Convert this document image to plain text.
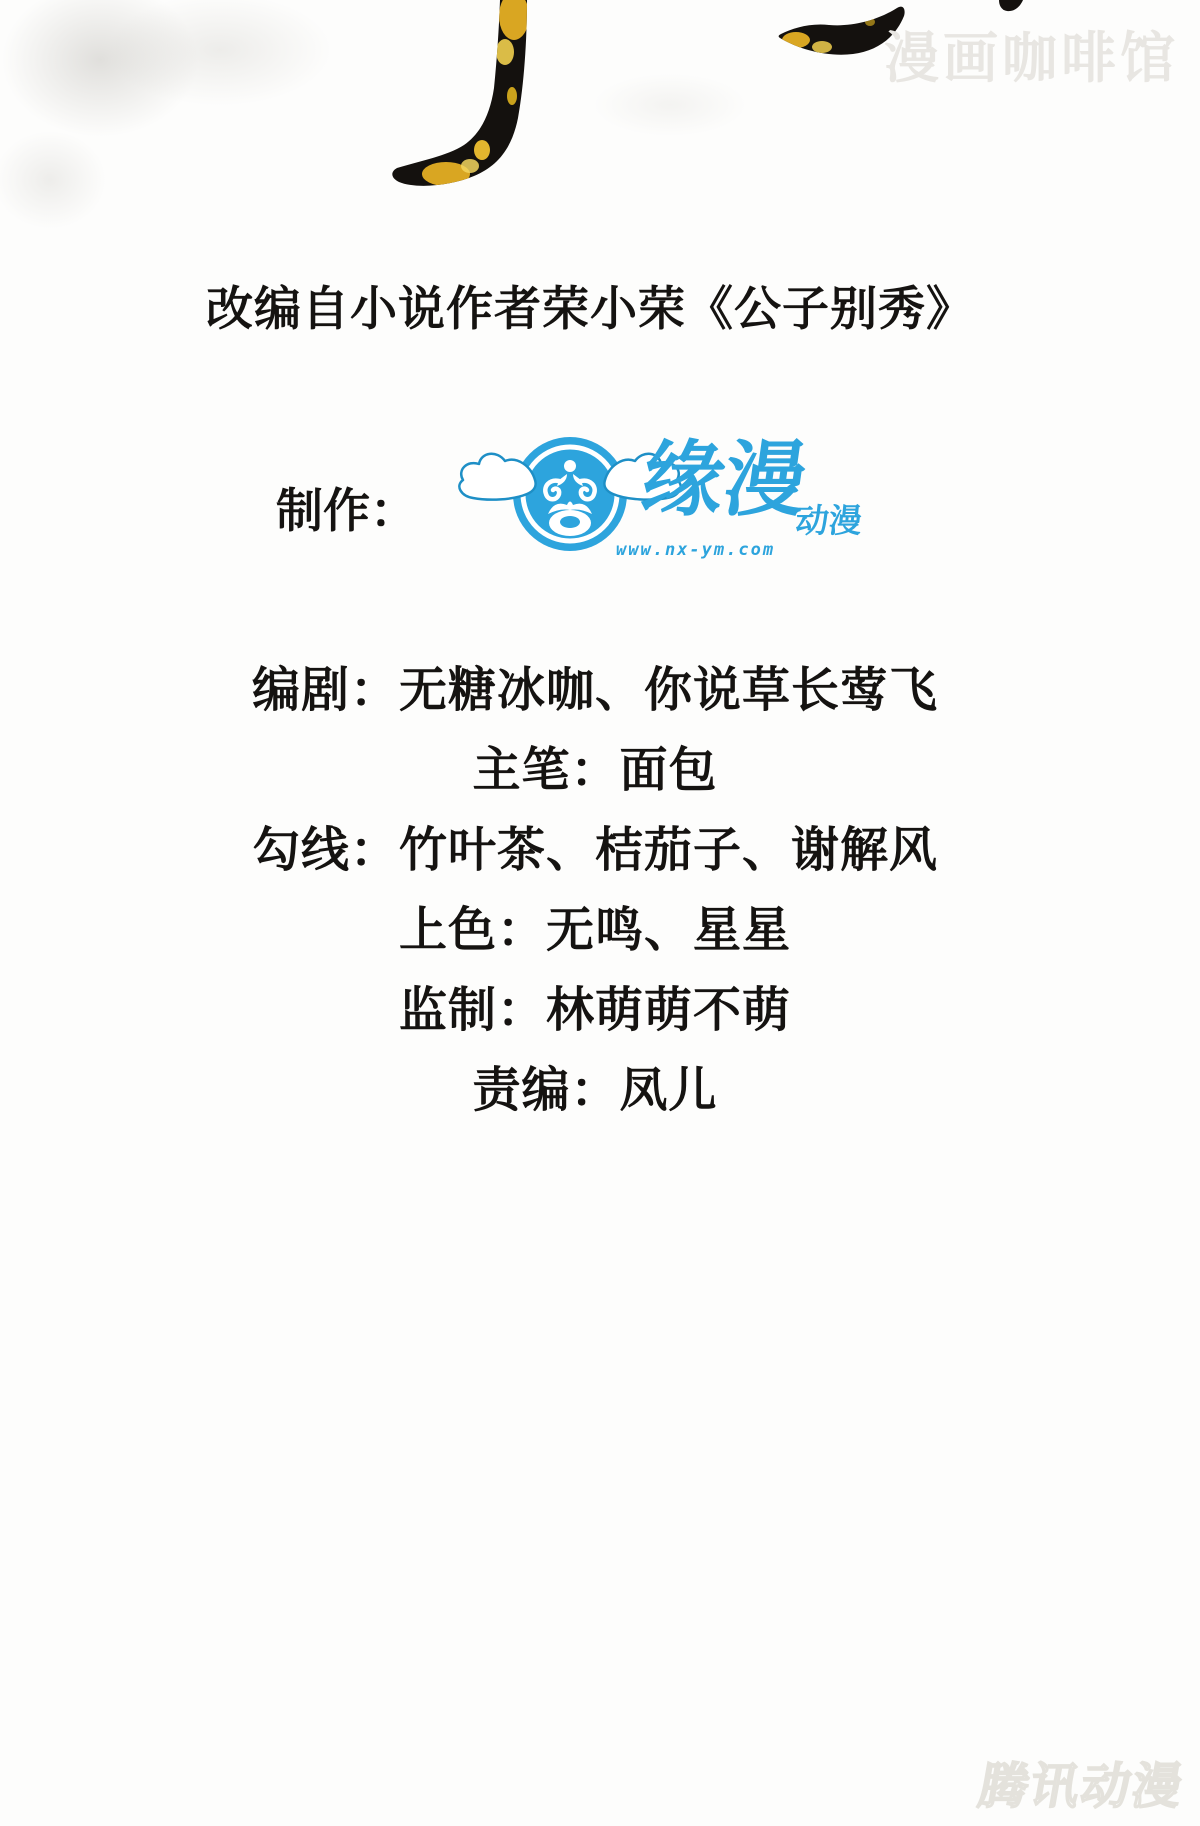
漫画咖啡馆
改编自小说作者荣小荣《公子别秀》
制作：	缘漫
动漫
www.nx-ym.com
编剧：无糖冰咖、你说草长莺飞
主笔：面包
勾线：竹叶茶、桔茄子、谢解风
上色：无鸣、星星
监制：林萌萌不萌
责编：凤儿
腾讯动漫
